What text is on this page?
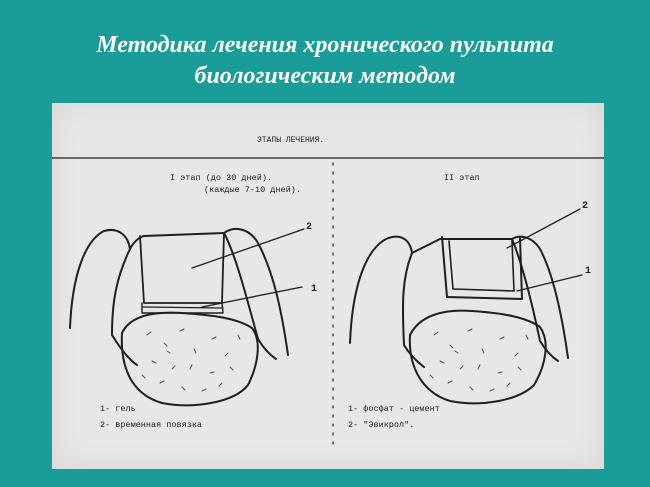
Методика лечения хронического пульпита
биологическим методом
ЭТАПЫ ЛЕЧЕНИЯ.
I этап (до 30 дней).
(каждые 7-10 дней).
2
1
1- гель
2- временная повязка
II этап
2
1
1- фосфат - цемент
2- "Эвикрол".
